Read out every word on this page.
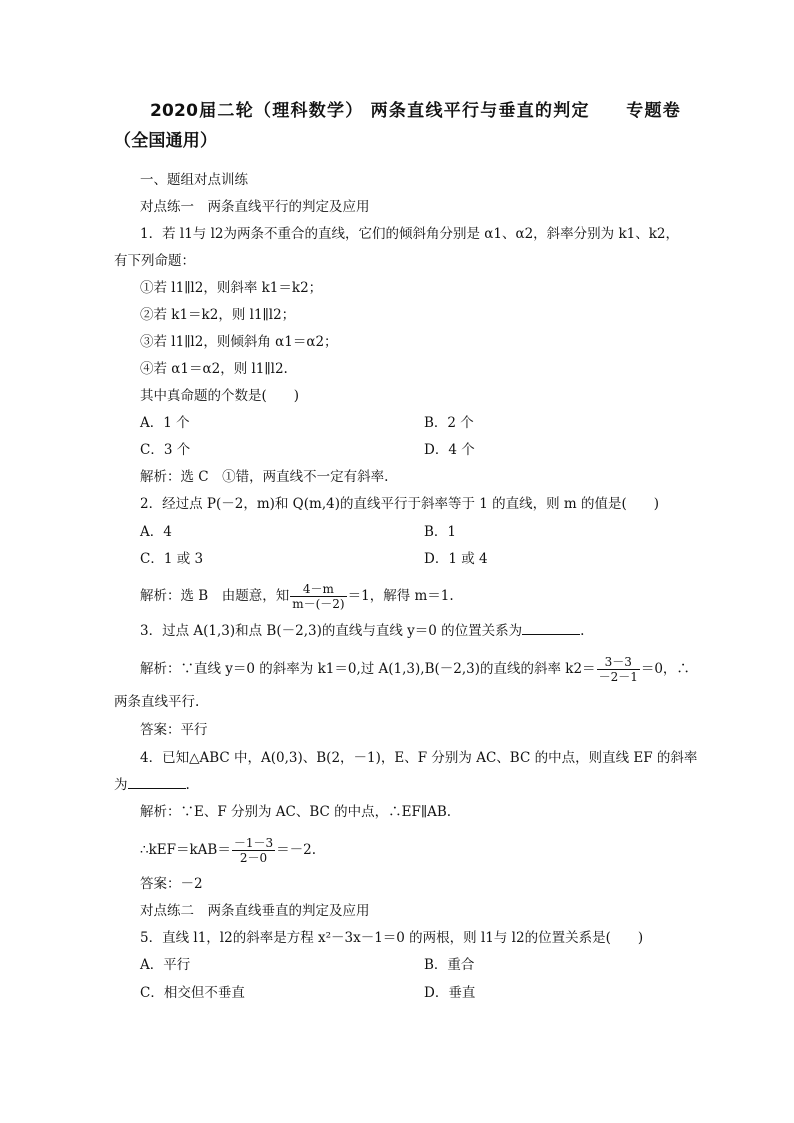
2020届二轮（理科数学） 两条直线平行与垂直的判定　　专题卷（全国通用）
一、题组对点训练
对点练一　两条直线平行的判定及应用
1．若 l1与 l2为两条不重合的直线，它们的倾斜角分别是 α1、α2，斜率分别为 k1、k2，
有下列命题：
①若 l1∥l2，则斜率 k1＝k2；
②若 k1＝k2，则 l1∥l2；
③若 l1∥l2，则倾斜角 α1＝α2；
④若 α1＝α2，则 l1∥l2.
其中真命题的个数是(　　)
A．1 个	B．2 个
C．3 个	D．4 个
解析：选 C　①错，两直线不一定有斜率.
2．经过点 P(－2，m)和 Q(m,4)的直线平行于斜率等于 1 的直线，则 m 的值是(　　)
A．4	B．1
C．1 或 3	D．1 或 4
解析：选 B　由题意，知 $\frac{4-m}{m-(-2)} =1$，解得 m＝1.
3．过点 A(1,3)和点 B(－2,3)的直线与直线 y＝0 的位置关系为	.
解析：∵直线 y＝0 的斜率为 k1＝0,过 A(1,3),B(－2,3)的直线的斜率 $k2= \frac{3-3}{-2-1} =0$，∴
两条直线平行.
答案：平行
4．已知△ABC 中，A(0,3)、B(2，－1)，E、F 分别为 AC、BC 的中点，则直线 EF 的斜率
为	.
解析：∵E、F 分别为 AC、BC 的中点，∴EF∥AB.
∴kEF＝kAB＝ $\frac{-1-3}{2-0} =-2$.
答案：－2
对点练二　两条直线垂直的判定及应用
5．直线 l1，l2的斜率是方程 x²－3x－1＝0 的两根，则 l1与 l2的位置关系是(　　)
A．平行	B．重合
C．相交但不垂直	D．垂直
